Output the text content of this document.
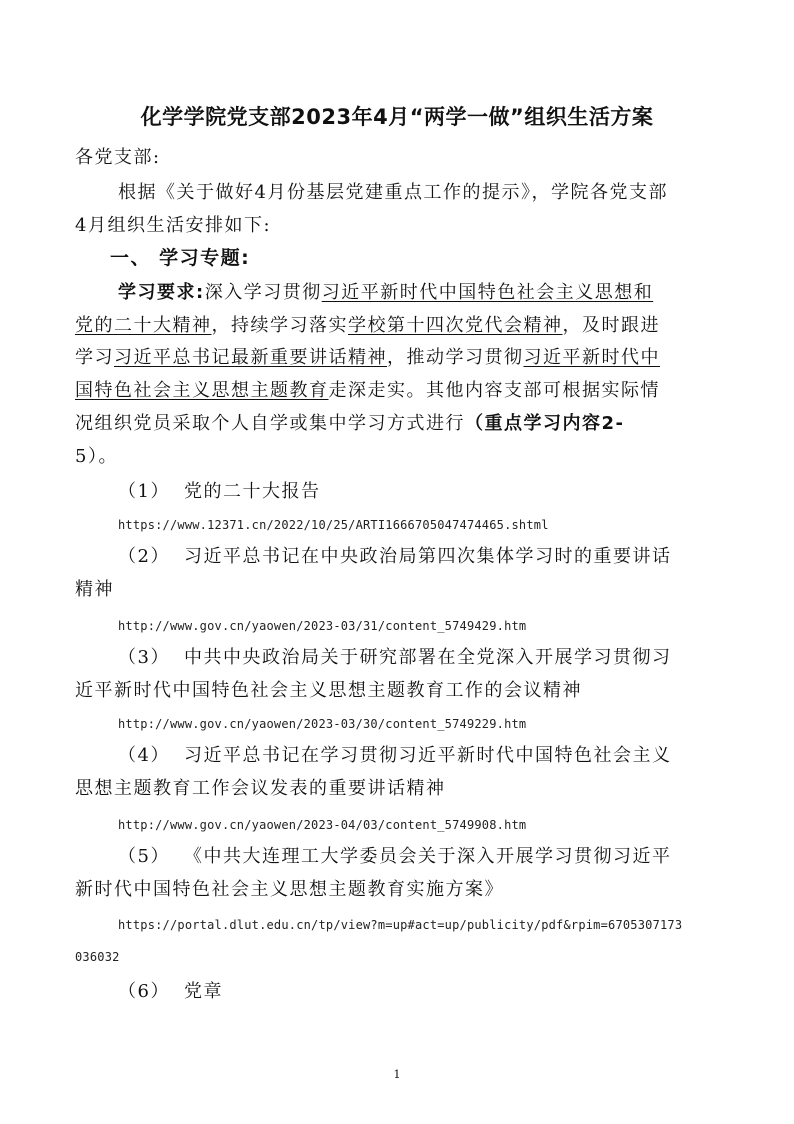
化学学院党支部2023年4月“两学一做”组织生活方案
各党支部:
根据《关于做好4月份基层党建重点工作的提示》，学院各党支部
4月组织生活安排如下:
一、 学习专题:
学习要求:深入学习贯彻习近平新时代中国特色社会主义思想和
党的二十大精神，持续学习落实学校第十四次党代会精神，及时跟进
学习习近平总书记最新重要讲话精神，推动学习贯彻习近平新时代中
国特色社会主义思想主题教育走深走实。其他内容支部可根据实际情
况组织党员采取个人自学或集中学习方式进行（重点学习内容2-
5）。
（1） 党的二十大报告
https://www.12371.cn/2022/10/25/ARTI1666705047474465.shtml
（2） 习近平总书记在中央政治局第四次集体学习时的重要讲话
精神
http://www.gov.cn/yaowen/2023-03/31/content_5749429.htm
（3） 中共中央政治局关于研究部署在全党深入开展学习贯彻习
近平新时代中国特色社会主义思想主题教育工作的会议精神
http://www.gov.cn/yaowen/2023-03/30/content_5749229.htm
（4） 习近平总书记在学习贯彻习近平新时代中国特色社会主义
思想主题教育工作会议发表的重要讲话精神
http://www.gov.cn/yaowen/2023-04/03/content_5749908.htm
（5） 《中共大连理工大学委员会关于深入开展学习贯彻习近平
新时代中国特色社会主义思想主题教育实施方案》
https://portal.dlut.edu.cn/tp/view?m=up#act=up/publicity/pdf&rpim=6705307173
036032
（6） 党章
1
